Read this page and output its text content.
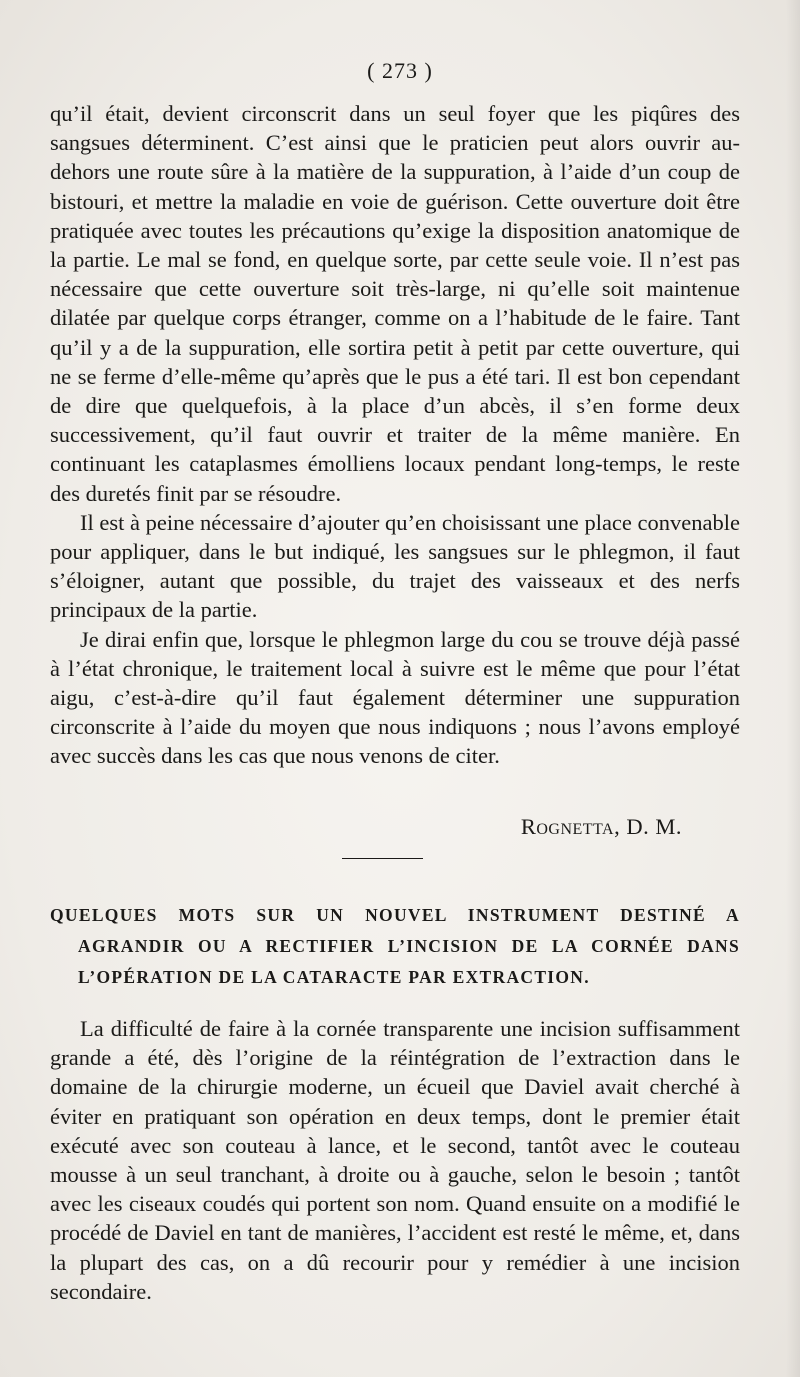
( 273 )

qu’il était, devient circonscrit dans un seul foyer que les piqûres des sangsues déterminent. C’est ainsi que le praticien peut alors ouvrir au-dehors une route sûre à la matière de la suppuration, à l’aide d’un coup de bistouri, et mettre la maladie en voie de guérison. Cette ouverture doit être pratiquée avec toutes les précautions qu’exige la disposition anatomique de la partie. Le mal se fond, en quelque sorte, par cette seule voie. Il n’est pas nécessaire que cette ouverture soit très-large, ni qu’elle soit maintenue dilatée par quelque corps étranger, comme on a l’habitude de le faire. Tant qu’il y a de la suppuration, elle sortira petit à petit par cette ouverture, qui ne se ferme d’elle-même qu’après que le pus a été tari. Il est bon cependant de dire que quelquefois, à la place d’un abcès, il s’en forme deux successivement, qu’il faut ouvrir et traiter de la même manière. En continuant les cataplasmes émolliens locaux pendant long-temps, le reste des duretés finit par se résoudre.

Il est à peine nécessaire d’ajouter qu’en choisissant une place convenable pour appliquer, dans le but indiqué, les sangsues sur le phlegmon, il faut s’éloigner, autant que possible, du trajet des vaisseaux et des nerfs principaux de la partie.

Je dirai enfin que, lorsque le phlegmon large du cou se trouve déjà passé à l’état chronique, le traitement local à suivre est le même que pour l’état aigu, c’est-à-dire qu’il faut également déterminer une suppuration circonscrite à l’aide du moyen que nous indiquons ; nous l’avons employé avec succès dans les cas que nous venons de citer.

Rognetta, D. M.
QUELQUES MOTS SUR UN NOUVEL INSTRUMENT DESTINÉ A AGRANDIR OU A RECTIFIER L’INCISION DE LA CORNÉE DANS L’OPÉRATION DE LA CATARACTE PAR EXTRACTION.

La difficulté de faire à la cornée transparente une incision suffisamment grande a été, dès l’origine de la réintégration de l’extraction dans le domaine de la chirurgie moderne, un écueil que Daviel avait cherché à éviter en pratiquant son opération en deux temps, dont le premier était exécuté avec son couteau à lance, et le second, tantôt avec le couteau mousse à un seul tranchant, à droite ou à gauche, selon le besoin ; tantôt avec les ciseaux coudés qui portent son nom. Quand ensuite on a modifié le procédé de Daviel en tant de manières, l’accident est resté le même, et, dans la plupart des cas, on a dû recourir pour y remédier à une incision secondaire.
